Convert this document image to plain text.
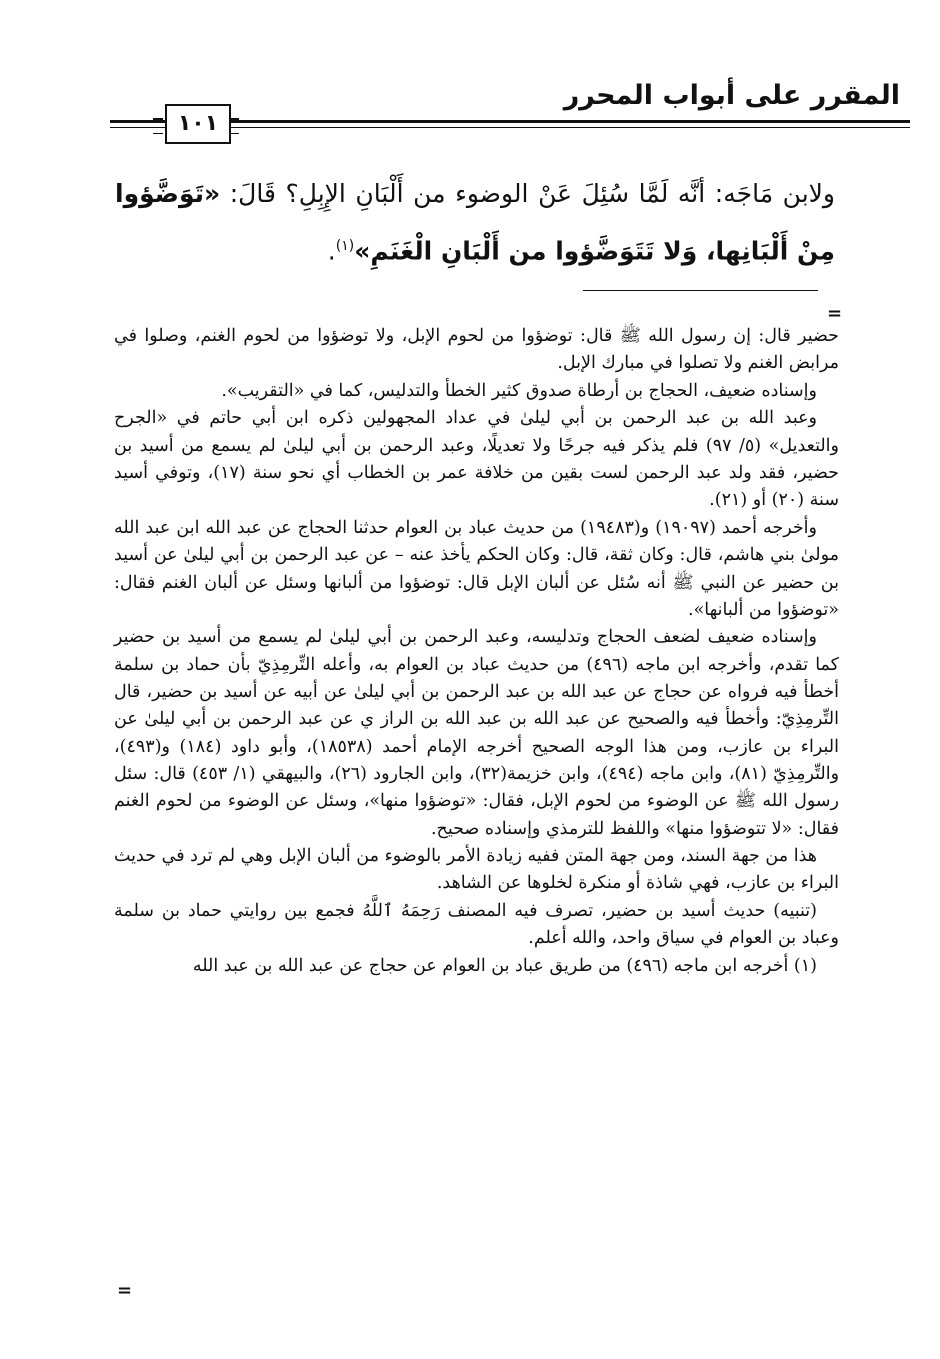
المقرر على أبواب المحرر
١٠١
ولابن مَاجَه: أنَّه لَمَّا سُئِلَ عَنْ الوضوء من أَلْبَانِ الإِبِلِ؟ قَالَ: «تَوَضَّؤوا مِنْ أَلْبَانِها، وَلا تَتَوَضَّؤوا من أَلْبَانِ الْغَنَمِ»$^{(١)}$.
=

حضير قال: إن رسول الله ﷺ قال: توضؤوا من لحوم الإبل، ولا توضؤوا من لحوم الغنم، وصلوا في مرابض الغنم ولا تصلوا في مبارك الإبل.

وإسناده ضعيف، الحجاج بن أرطاة صدوق كثير الخطأ والتدليس، كما في «التقريب».

وعبد الله بن عبد الرحمن بن أبي ليلىٰ في عداد المجهولين ذكره ابن أبي حاتم في «الجرح والتعديل» (٥/ ٩٧) فلم يذكر فيه جرحًا ولا تعديلًا، وعبد الرحمن بن أبي ليلىٰ لم يسمع من أسيد بن حضير، فقد ولد عبد الرحمن لست بقين من خلافة عمر بن الخطاب أي نحو سنة (١٧)، وتوفي أسيد سنة (٢٠) أو (٢١).

وأخرجه أحمد (١٩٠٩٧) و(١٩٤٨٣) من حديث عباد بن العوام حدثنا الحجاج عن عبد الله ابن عبد الله مولىٰ بني هاشم، قال: وكان ثقة، قال: وكان الحكم يأخذ عنه – عن عبد الرحمن بن أبي ليلىٰ عن أسيد بن حضير عن النبي ﷺ أنه سُئل عن ألبان الإبل قال: توضؤوا من ألبانها وسئل عن ألبان الغنم فقال: «توضؤوا من ألبانها».

وإسناده ضعيف لضعف الحجاج وتدليسه، وعبد الرحمن بن أبي ليلىٰ لم يسمع من أسيد بن حضير كما تقدم، وأخرجه ابن ماجه (٤٩٦) من حديث عباد بن العوام به، وأعله التِّرمِذِيّ بأن حماد بن سلمة أخطأ فيه فرواه عن حجاج عن عبد الله بن عبد الرحمن بن أبي ليلىٰ عن أبيه عن أسيد بن حضير، قال التِّرمِذِيّ: وأخطأ فيه والصحيح عن عبد الله بن عبد الله بن الراز ي عن عبد الرحمن بن أبي ليلىٰ عن البراء بن عازب، ومن هذا الوجه الصحيح أخرجه الإمام أحمد (١٨٥٣٨)، وأبو داود (١٨٤) و(٤٩٣)، والتِّرمِذِيّ (٨١)، وابن ماجه (٤٩٤)، وابن خزيمة(٣٢)، وابن الجارود (٢٦)، والبيهقي (١/ ٤٥٣) قال: سئل رسول الله ﷺ عن الوضوء من لحوم الإبل، فقال: «توضؤوا منها»، وسئل عن الوضوء من لحوم الغنم فقال: «لا تتوضؤوا منها» واللفظ للترمذي وإسناده صحيح.

هذا من جهة السند، ومن جهة المتن ففيه زيادة الأمر بالوضوء من ألبان الإبل وهي لم ترد في حديث البراء بن عازب، فهي شاذة أو منكرة لخلوها عن الشاهد.

(تنبيه) حديث أسيد بن حضير، تصرف فيه المصنف رَحِمَهُ ٱللَّهُ فجمع بين روايتي حماد بن سلمة وعباد بن العوام في سياق واحد، والله أعلم.

(١) أخرجه ابن ماجه (٤٩٦) من طريق عباد بن العوام عن حجاج عن عبد الله بن عبد الله

=
